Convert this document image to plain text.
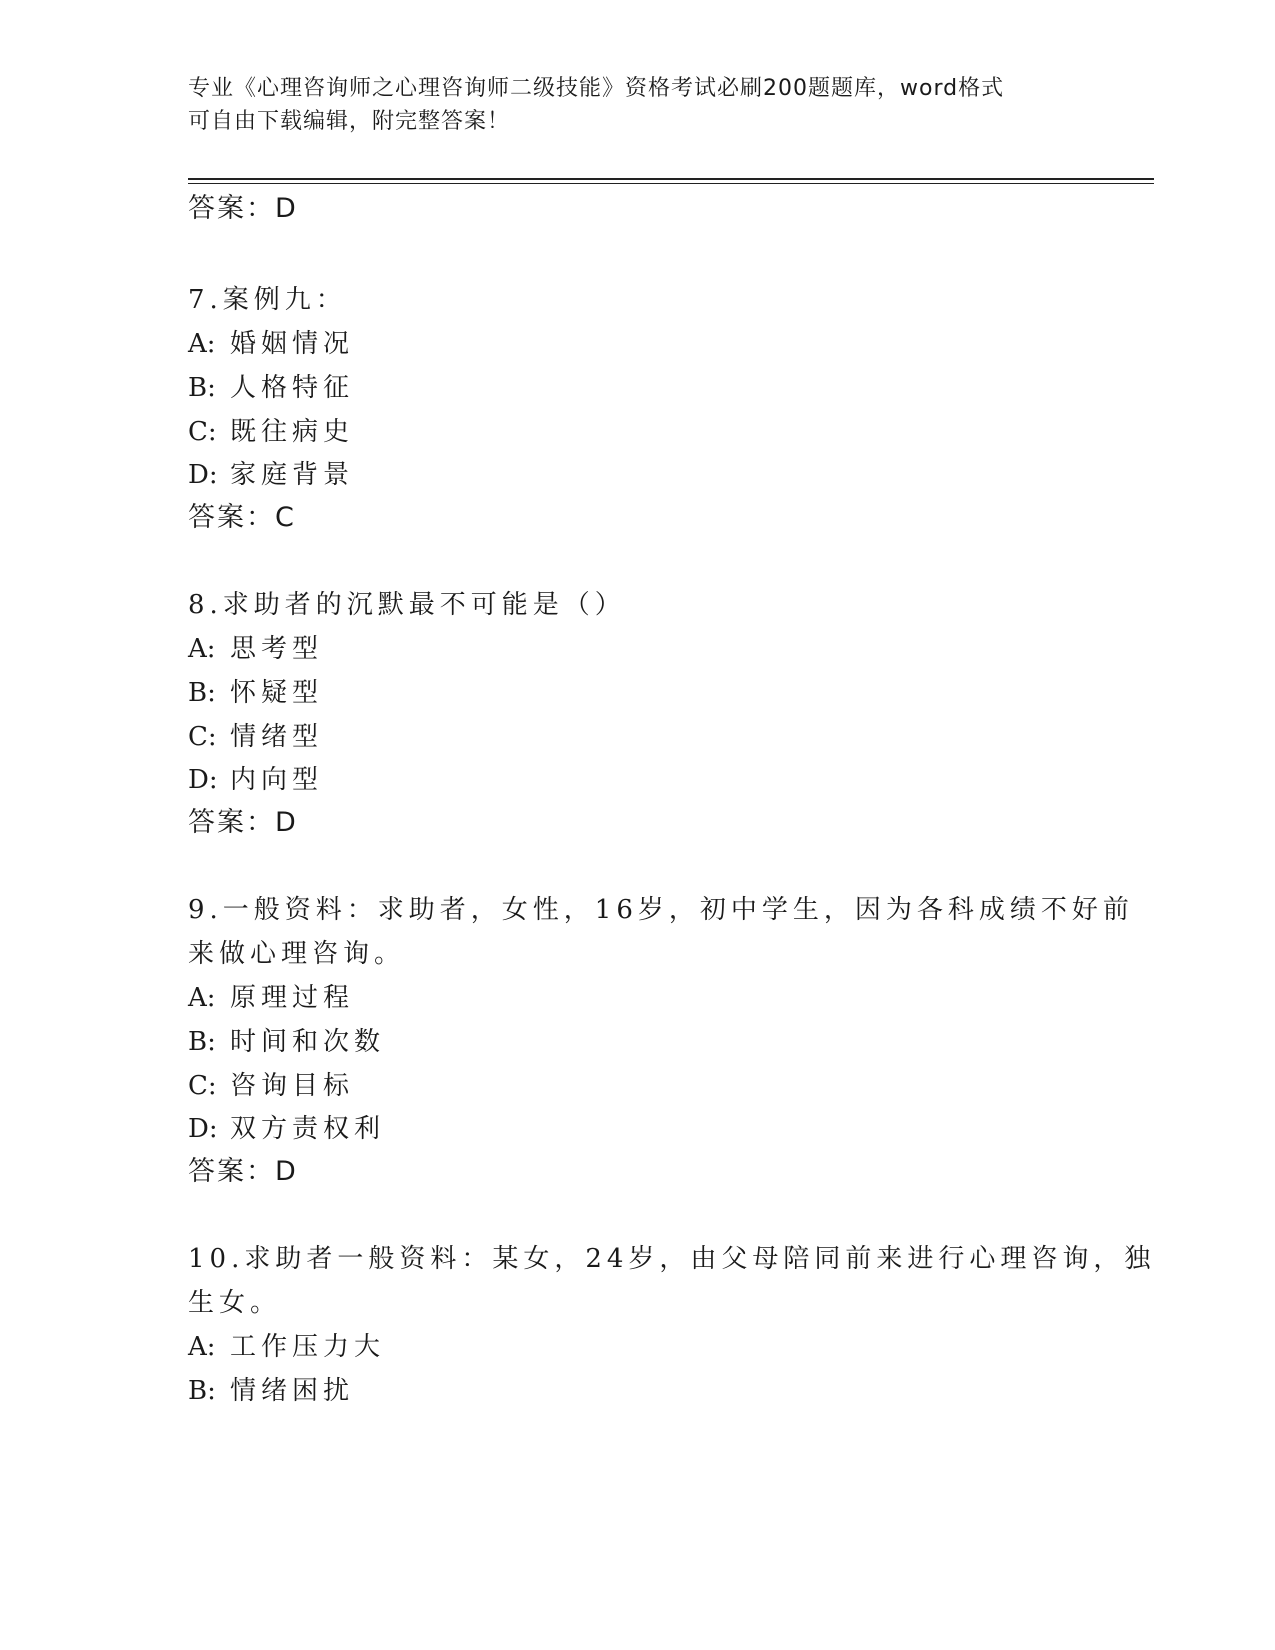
专业《心理咨询师之心理咨询师二级技能》资格考试必刷200题题库，word格式
可自由下载编辑，附完整答案！
答案：D
7.案例九：
A: 婚姻情况
B: 人格特征
C: 既往病史
D: 家庭背景
答案：C
8.求助者的沉默最不可能是（）
A: 思考型
B: 怀疑型
C: 情绪型
D: 内向型
答案：D
9.一般资料：求助者，女性，16岁，初中学生，因为各科成绩不好前
来做心理咨询。
A: 原理过程
B: 时间和次数
C: 咨询目标
D: 双方责权利
答案：D
10.求助者一般资料：某女，24岁，由父母陪同前来进行心理咨询，独
生女。
A: 工作压力大
B: 情绪困扰
